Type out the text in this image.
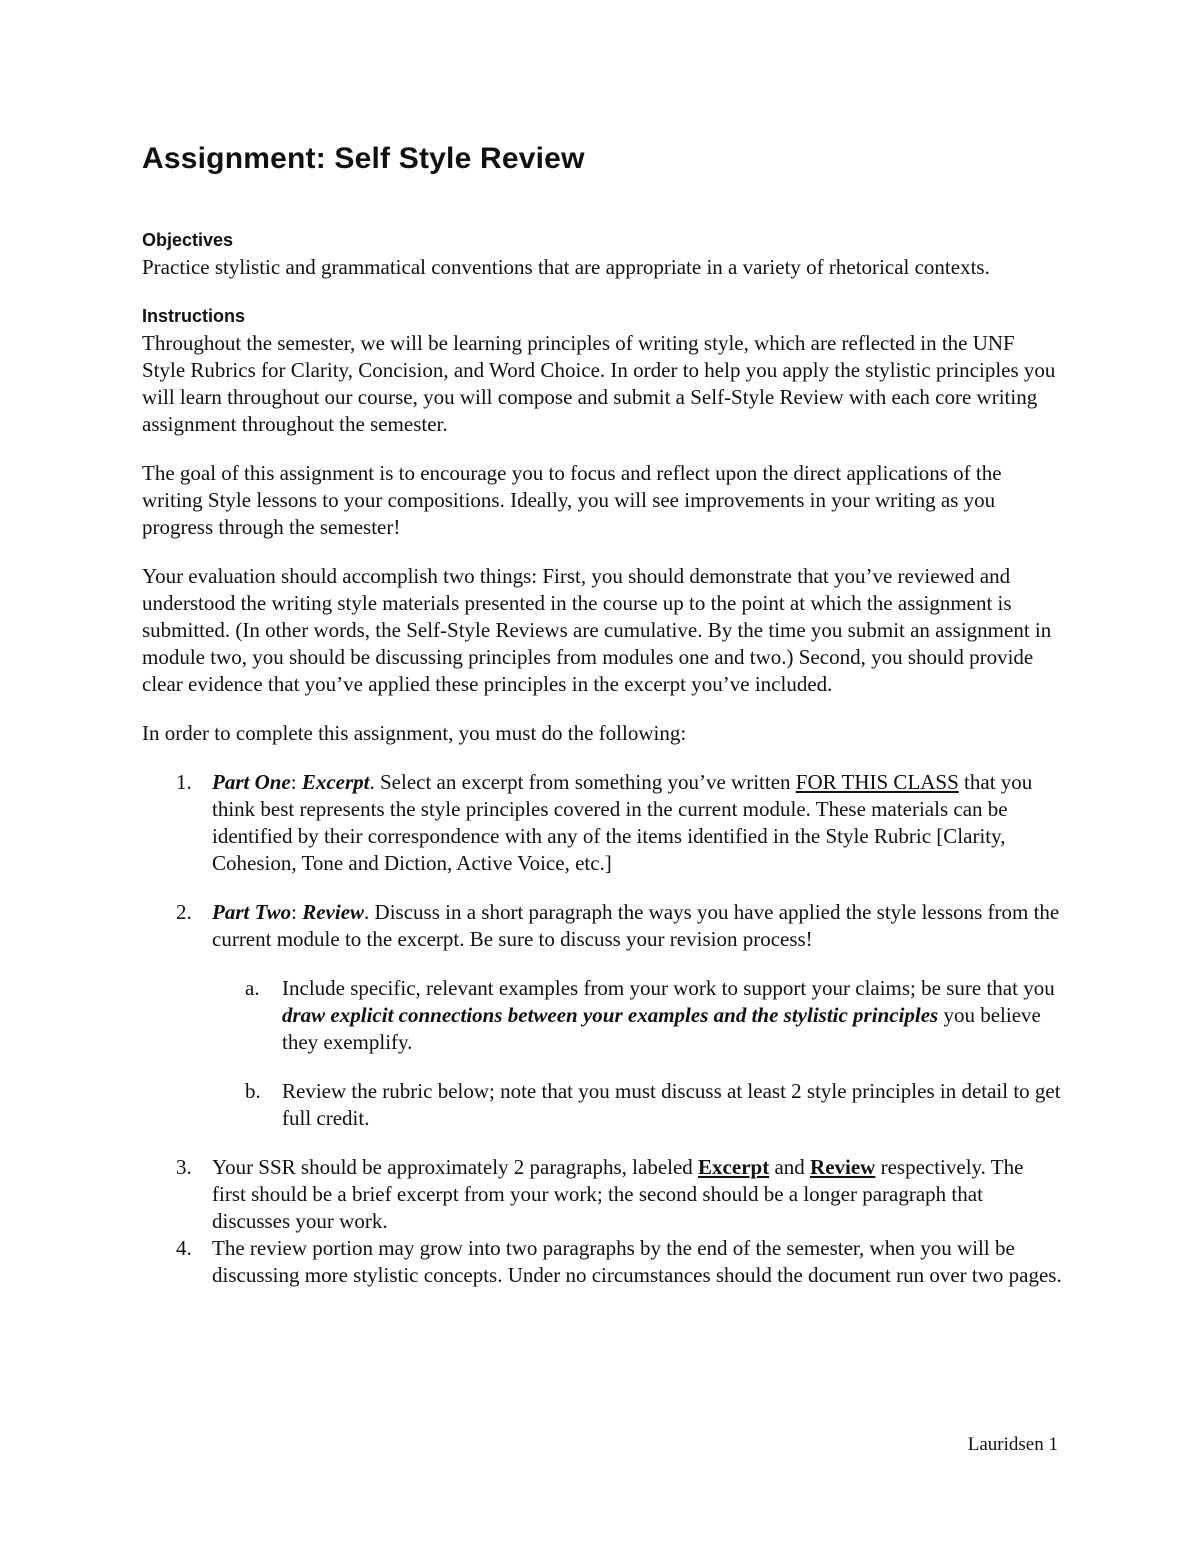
Assignment: Self Style Review
Objectives

Practice stylistic and grammatical conventions that are appropriate in a variety of rhetorical contexts.

Instructions

Throughout the semester, we will be learning principles of writing style, which are reflected in the UNF Style Rubrics for Clarity, Concision, and Word Choice. In order to help you apply the stylistic principles you will learn throughout our course, you will compose and submit a Self-Style Review with each core writing assignment throughout the semester.

The goal of this assignment is to encourage you to focus and reflect upon the direct applications of the writing Style lessons to your compositions. Ideally, you will see improvements in your writing as you progress through the semester!

Your evaluation should accomplish two things: First, you should demonstrate that you’ve reviewed and understood the writing style materials presented in the course up to the point at which the assignment is submitted. (In other words, the Self-Style Reviews are cumulative. By the time you submit an assignment in module two, you should be discussing principles from modules one and two.) Second, you should provide clear evidence that you’ve applied these principles in the excerpt you’ve included.

In order to complete this assignment, you must do the following:

1. Part One: Excerpt. Select an excerpt from something you’ve written FOR THIS CLASS that you think best represents the style principles covered in the current module. These materials can be identified by their correspondence with any of the items identified in the Style Rubric [Clarity, Cohesion, Tone and Diction, Active Voice, etc.]
2. Part Two: Review. Discuss in a short paragraph the ways you have applied the style lessons from the current module to the excerpt. Be sure to discuss your revision process!
a. Include specific, relevant examples from your work to support your claims; be sure that you draw explicit connections between your examples and the stylistic principles you believe they exemplify.
b. Review the rubric below; note that you must discuss at least 2 style principles in detail to get full credit.
3. Your SSR should be approximately 2 paragraphs, labeled Excerpt and Review respectively. The first should be a brief excerpt from your work; the second should be a longer paragraph that discusses your work.
4. The review portion may grow into two paragraphs by the end of the semester, when you will be discussing more stylistic concepts. Under no circumstances should the document run over two pages.
Lauridsen 1
